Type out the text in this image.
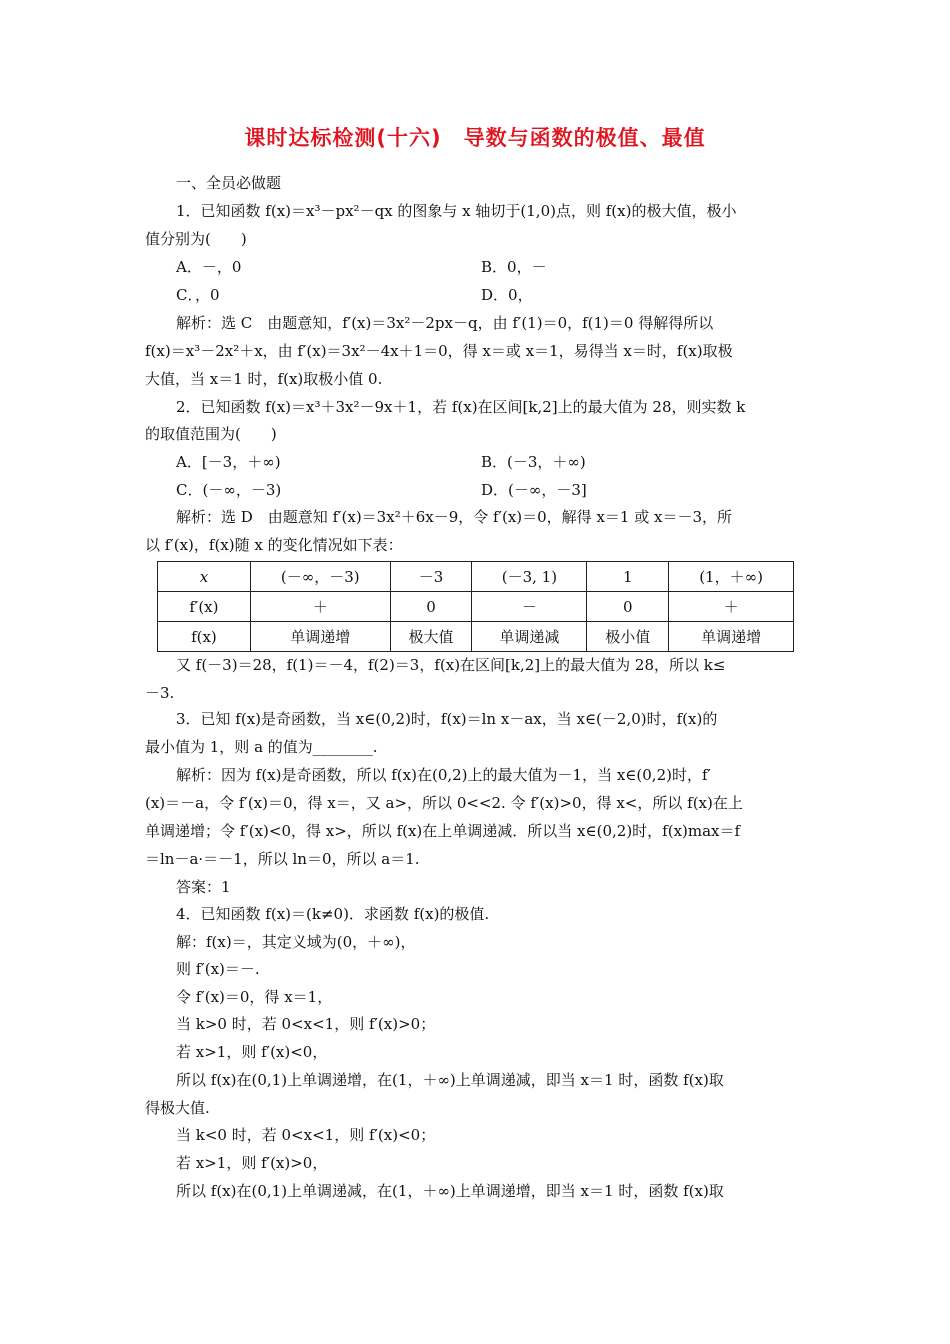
课时达标检测(十六)　导数与函数的极值、最值
一、全员必做题
1．已知函数 f(x)＝x³－px²－qx 的图象与 x 轴切于(1,0)点，则 f(x)的极大值，极小
值分别为(　　)
A．－，0	B．0，－
C．，0	D．0，
解析：选 C　由题意知，f′(x)＝3x²－2px－q，由 f′(1)＝0，f(1)＝0 得解得所以
f(x)＝x³－2x²＋x，由 f′(x)＝3x²－4x＋1＝0，得 x＝或 x＝1，易得当 x＝时，f(x)取极
大值，当 x＝1 时，f(x)取极小值 0.
2．已知函数 f(x)＝x³＋3x²－9x＋1，若 f(x)在区间[k,2]上的最大值为 28，则实数 k
的取值范围为(　　)
A．[－3，＋∞)	B．(－3，＋∞)
C．(－∞，－3)	D．(－∞，－3]
解析：选 D　由题意知 f′(x)＝3x²＋6x－9，令 f′(x)＝0，解得 x＝1 或 x＝－3，所
以 f′(x)，f(x)随 x 的变化情况如下表：
又 f(－3)＝28，f(1)＝－4，f(2)＝3，f(x)在区间[k,2]上的最大值为 28，所以 k≤
－3.
3．已知 f(x)是奇函数，当 x∈(0,2)时，f(x)＝ln x－ax，当 x∈(－2,0)时，f(x)的
最小值为 1，则 a 的值为________.
解析：因为 f(x)是奇函数，所以 f(x)在(0,2)上的最大值为－1，当 x∈(0,2)时，f′
(x)＝－a，令 f′(x)＝0，得 x＝，又 a>，所以 0<<2. 令 f′(x)>0，得 x<，所以 f(x)在上
单调递增；令 f′(x)<0，得 x>，所以 f(x)在上单调递减．所以当 x∈(0,2)时，f(x)max＝f
＝ln－a·＝－1，所以 ln＝0，所以 a＝1.
答案：1
4．已知函数 f(x)＝(k≠0)．求函数 f(x)的极值.
解：f(x)＝，其定义域为(0，＋∞)，
则 f′(x)＝－.
令 f′(x)＝0，得 x＝1，
当 k>0 时，若 0<x<1，则 f′(x)>0；
若 x>1，则 f′(x)<0，
所以 f(x)在(0,1)上单调递增，在(1，＋∞)上单调递减，即当 x＝1 时，函数 f(x)取
得极大值.
当 k<0 时，若 0<x<1，则 f′(x)<0；
若 x>1，则 f′(x)>0，
所以 f(x)在(0,1)上单调递减，在(1，＋∞)上单调递增，即当 x＝1 时，函数 f(x)取
x	(－∞，－3)	－3	(－3, 1)	1	(1，＋∞)
f′(x)	＋	0	－	0	＋
f(x)	单调递增	极大值	单调递减	极小值	单调递增
